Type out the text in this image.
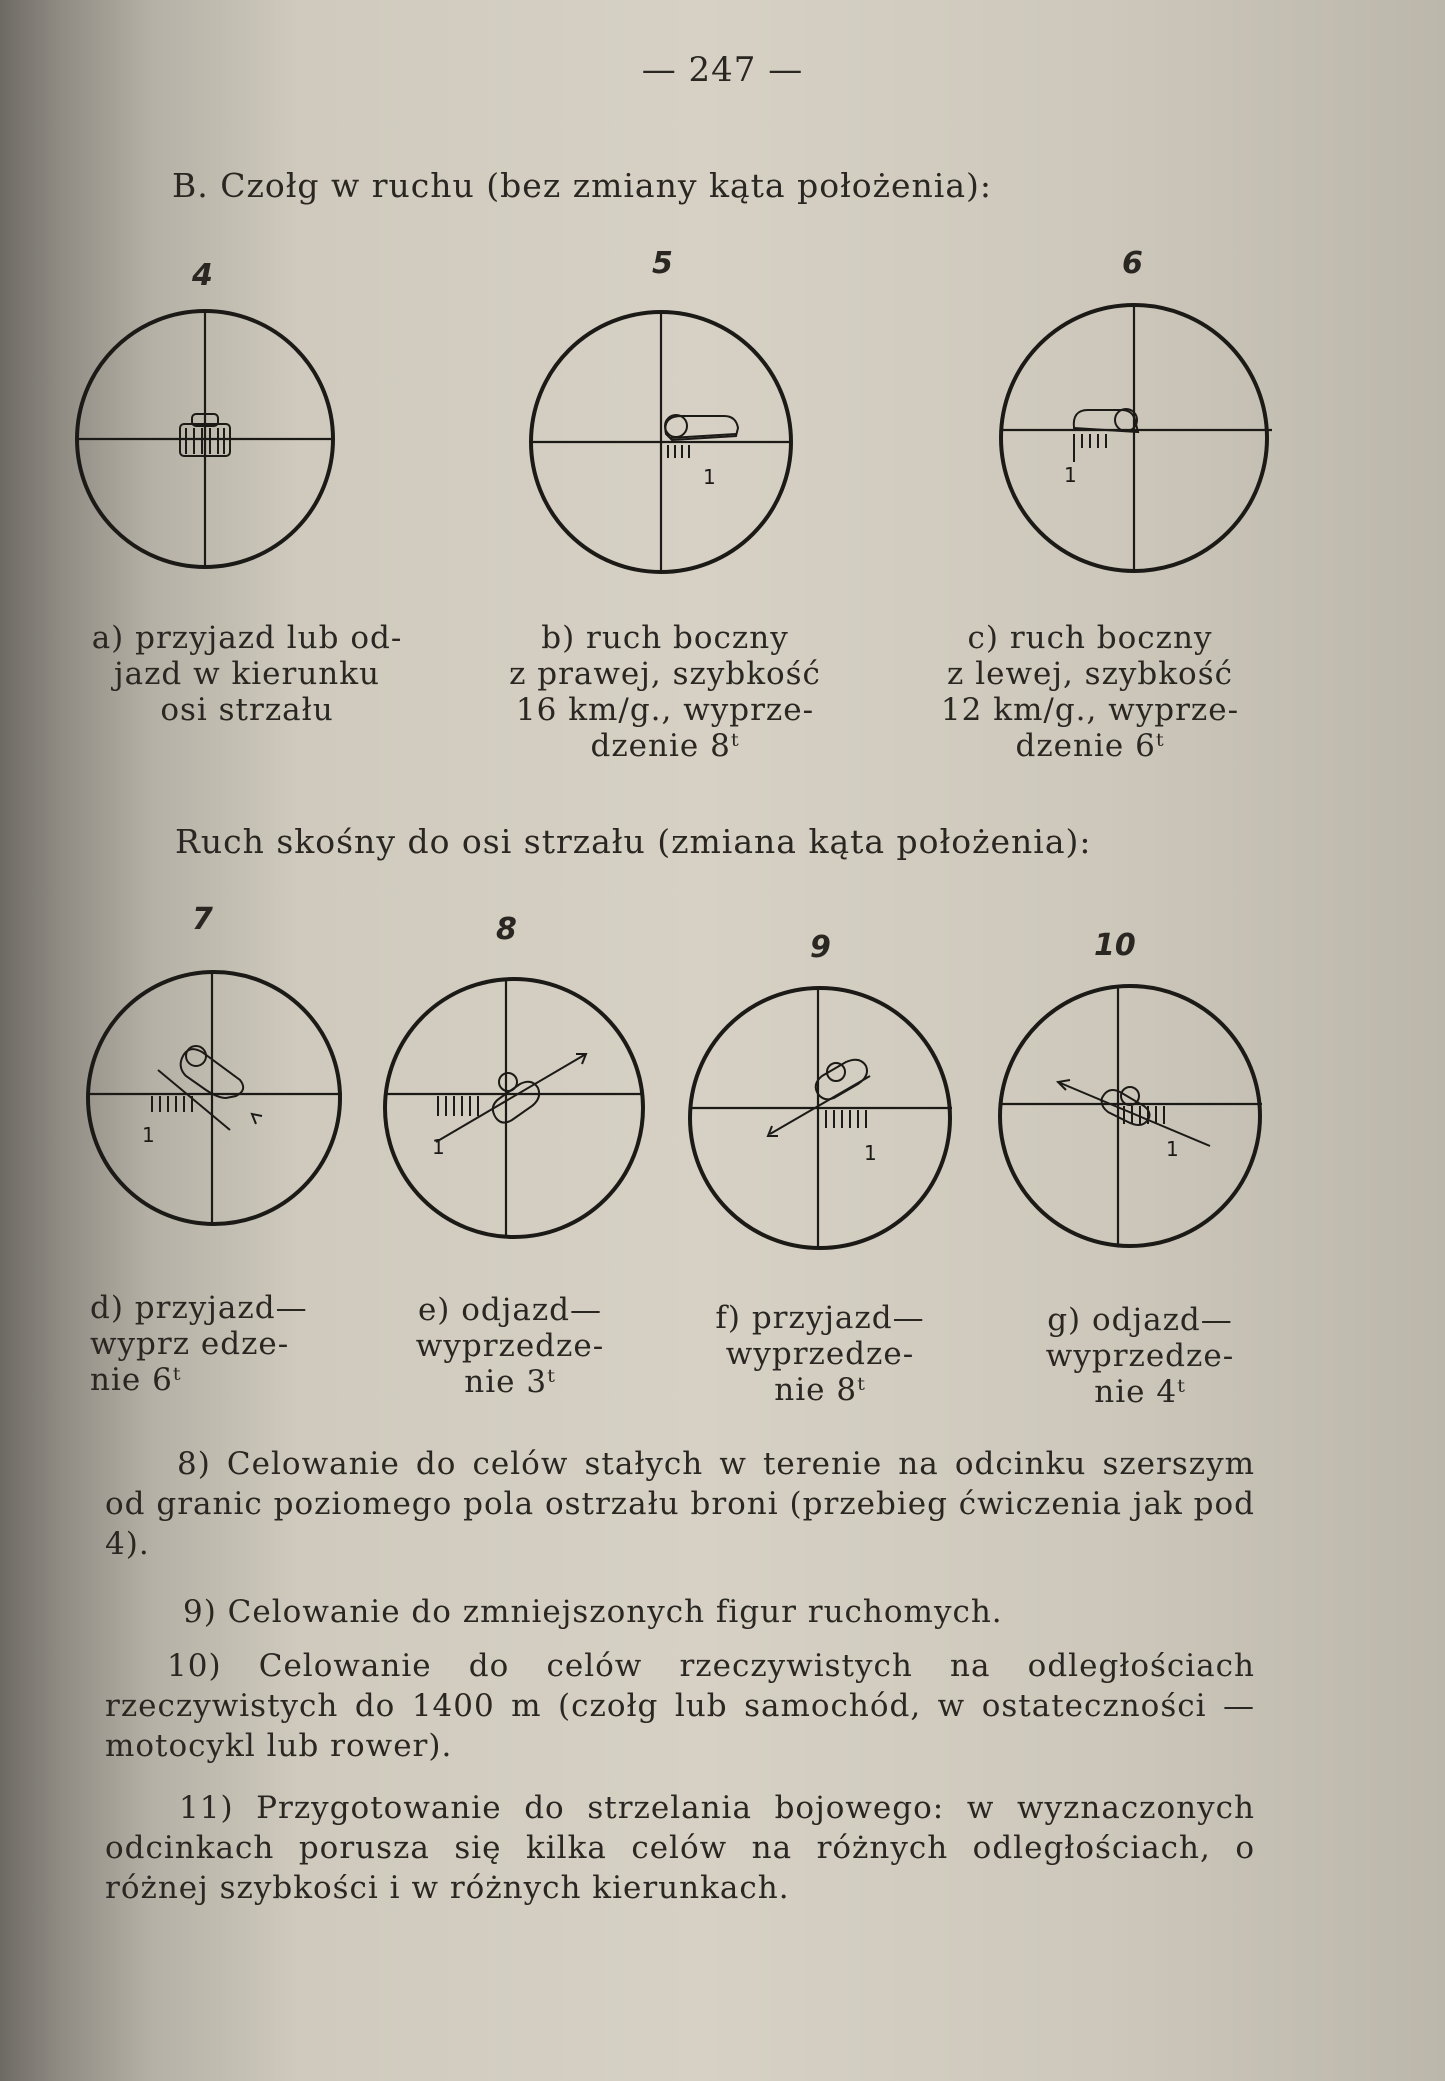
— 247 —
B. Czołg w ruchu (bez zmiany kąta położenia):
4	5	6
1	1
a) przyjazd lub od-
jazd w kierunku
osi strzału
b) ruch boczny
z prawej, szybkość
16 km/g., wyprze-
dzenie 8ᵗ
c) ruch boczny
z lewej, szybkość
12 km/g., wyprze-
dzenie 6ᵗ
Ruch skośny do osi strzału (zmiana kąta położenia):
7	8
9	10
1	1	1	1
d) przyjazd—
wyprz edze-
nie 6ᵗ
e) odjazd—
wyprzedze-
nie 3ᵗ
f) przyjazd—
wyprzedze-
nie 8ᵗ
g) odjazd—
wyprzedze-
nie 4ᵗ
8) Celowanie do celów stałych w terenie na odcinku szerszym od granic poziomego pola ostrzału broni (przebieg ćwiczenia jak pod 4).
9) Celowanie do zmniejszonych figur ruchomych.
10) Celowanie do celów rzeczywistych na odległościach rzeczywistych do 1400 m (czołg lub samochód, w ostateczności — motocykl lub rower).
11) Przygotowanie do strzelania bojowego: w wyznaczonych odcinkach porusza się kilka celów na różnych odległościach, o różnej szybkości i w różnych kierunkach.
